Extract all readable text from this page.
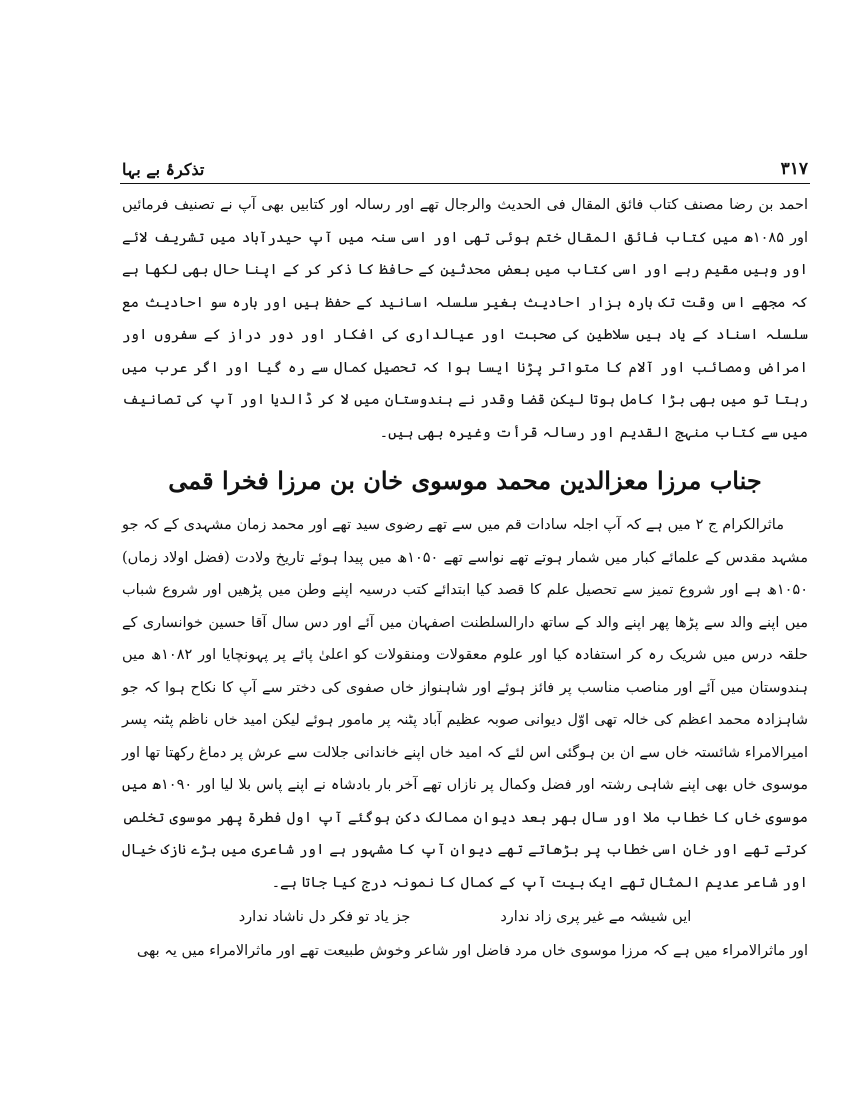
۳۱۷
تذکرۂ بے بہا

احمد بن رضا مصنف کتاب فائق المقال فی الحدیث والرجال تھے اور رسالہ اور کتابیں بھی آپ نے تصنیف فرمائیں اور ۱۰۸۵ھ میں کتاب فائق المقال ختم ہوئی تھی اور اسی سنہ میں آپ حیدرآباد میں تشریف لائے اور وہیں مقیم رہے اور اسی کتاب میں بعض محدثین کے حافظ کا ذکر کر کے اپنا حال بھی لکھا ہے کہ مجھے اس وقت تک بارہ ہزار احادیث بغیر سلسلہ اسانید کے حفظ ہیں اور بارہ سو احادیث مع سلسلہ اسناد کے یاد ہیں سلاطین کی صحبت اور عیالداری کی افکار اور دور دراز کے سفروں اور امراض ومصائب اور آلام کا متواتر پڑنا ایسا ہوا کہ تحصیل کمال سے رہ گیا اور اگر عرب میں رہتا تو میں بھی بڑا کامل ہوتا لیکن قضا وقدر نے ہندوستان میں لا کر ڈالدیا اور آپ کی تصانیف میں سے کتاب منہج القدیم اور رسالہ قرأت وغیرہ بھی ہیں۔

جناب مرزا معزالدین محمد موسوی خان بن مرزا فخرا قمی

ماثرالکرام ج ۲ میں ہے کہ آپ اجلہ سادات قم میں سے تھے رضوی سید تھے اور محمد زمان مشہدی کے کہ جو مشہد مقدس کے علمائے کبار میں شمار ہوتے تھے نواسے تھے ۱۰۵۰ھ میں پیدا ہوئے تاریخ ولادت (فضل اولاد زماں) ۱۰۵۰ھ ہے اور شروع تمیز سے تحصیل علم کا قصد کیا ابتدائے کتب درسیہ اپنے وطن میں پڑھیں اور شروع شباب میں اپنے والد سے پڑھا پھر اپنے والد کے ساتھ دارالسلطنت اصفہان میں آئے اور دس سال آقا حسین خوانساری کے حلقہ درس میں شریک رہ کر استفادہ کیا اور علوم معقولات ومنقولات کو اعلیٰ پائے پر پہونچایا اور ۱۰۸۲ھ میں ہندوستان میں آئے اور مناصب مناسب پر فائز ہوئے اور شاہنواز خاں صفوی کی دختر سے آپ کا نکاح ہوا کہ جو شاہزادہ محمد اعظم کی خالہ تھی اوّل دیوانی صوبہ عظیم آباد پٹنہ پر مامور ہوئے لیکن امید خاں ناظم پٹنہ پسر امیرالامراء شائستہ خاں سے ان بن ہوگئی اس لئے کہ امید خاں اپنے خاندانی جلالت سے عرش پر دماغ رکھتا تھا اور موسوی خاں بھی اپنے شاہی رشتہ اور فضل وکمال پر نازاں تھے آخر بار بادشاہ نے اپنے پاس بلا لیا اور ۱۰۹۰ھ میں موسوی خاں کا خطاب ملا اور سال بھر بعد دیوان ممالک دکن ہوگئے آپ اول فطرۃ پھر موسوی تخلص کرتے تھے اور خان اسی خطاب پر بڑھاتے تھے دیوان آپ کا مشہور ہے اور شاعری میں بڑے نازک خیال اور شاعر عدیم المثال تھے ایک بیت آپ کے کمال کا نمونہ درج کیا جاتا ہے۔

ایں شیشہ مے غیر پری زاد ندارد
جز یاد تو فکر دل ناشاد ندارد
اور ماثرالامراء میں ہے کہ مرزا موسوی خاں مرد فاضل اور شاعر وخوش طبیعت تھے اور ماثرالامراء میں یہ بھی
